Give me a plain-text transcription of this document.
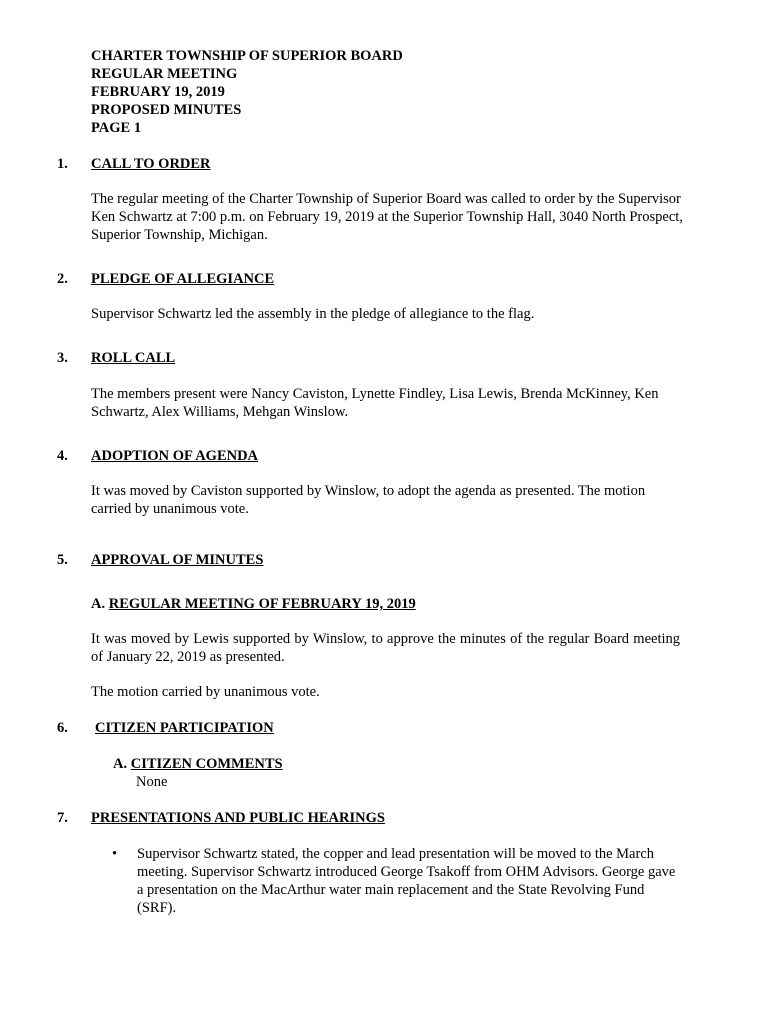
CHARTER TOWNSHIP OF SUPERIOR BOARD
REGULAR MEETING
FEBRUARY 19, 2019
PROPOSED MINUTES
PAGE 1
1. CALL TO ORDER
The regular meeting of the Charter Township of Superior Board was called to order by the Supervisor Ken Schwartz at 7:00 p.m. on February 19, 2019 at the Superior Township Hall, 3040 North Prospect, Superior Township, Michigan.
2. PLEDGE OF ALLEGIANCE
Supervisor Schwartz led the assembly in the pledge of allegiance to the flag.
3. ROLL CALL
The members present were Nancy Caviston, Lynette Findley, Lisa Lewis, Brenda McKinney, Ken Schwartz, Alex Williams, Mehgan Winslow.
4. ADOPTION OF AGENDA
It was moved by Caviston supported by Winslow, to adopt the agenda as presented. The motion carried by unanimous vote.
5. APPROVAL OF MINUTES
A. REGULAR MEETING OF FEBRUARY 19, 2019
It was moved by Lewis supported by Winslow, to approve the minutes of the regular Board meeting of January 22, 2019 as presented.
The motion carried by unanimous vote.
6. CITIZEN PARTICIPATION
A. CITIZEN COMMENTS
None
7. PRESENTATIONS AND PUBLIC HEARINGS
• Supervisor Schwartz stated, the copper and lead presentation will be moved to the March meeting. Supervisor Schwartz introduced George Tsakoff from OHM Advisors. George gave a presentation on the MacArthur water main replacement and the State Revolving Fund (SRF).
